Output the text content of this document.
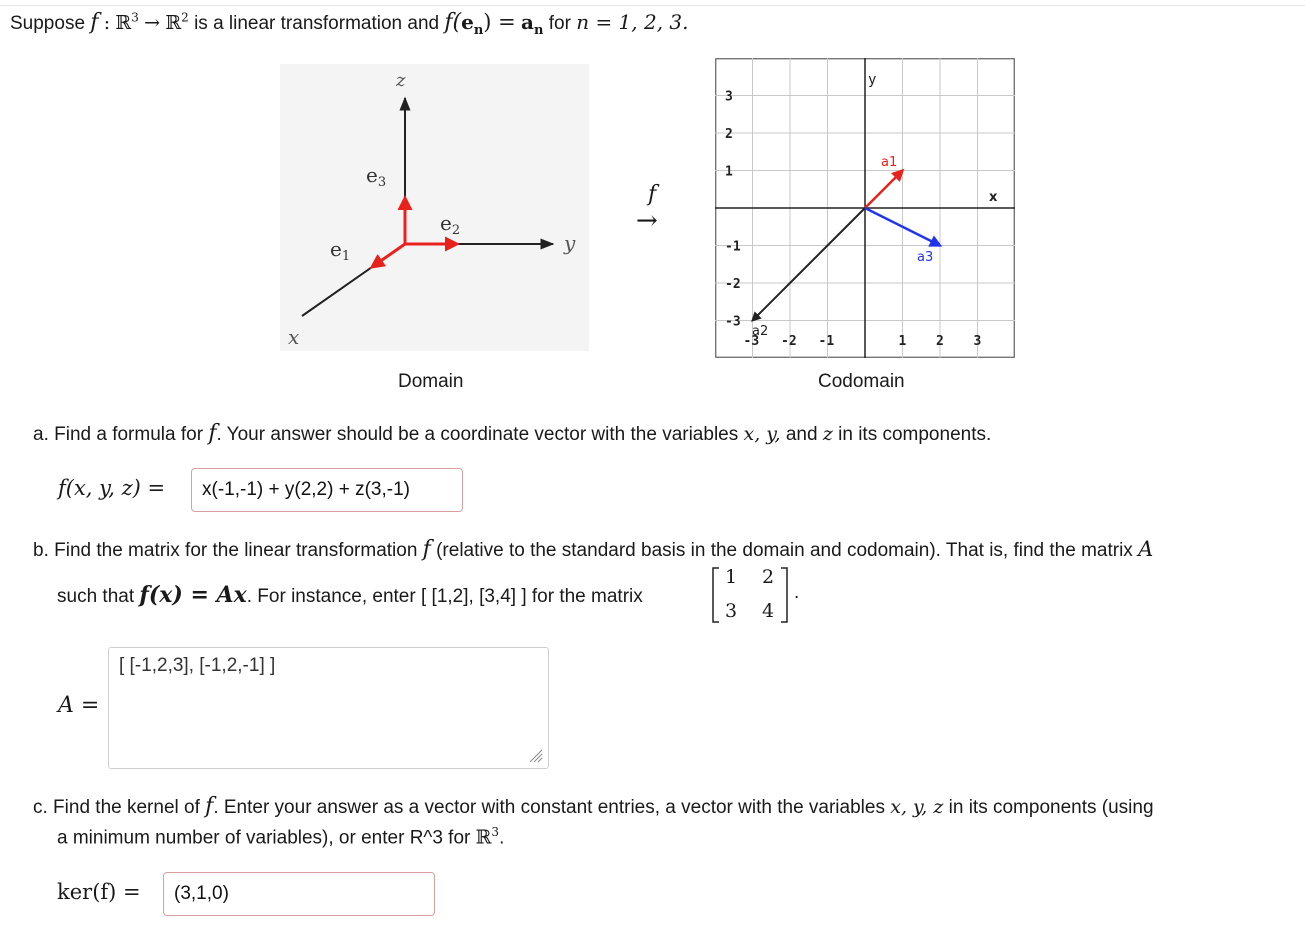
Suppose f : ℝ$^3$ → ℝ$^2$ is a linear transformation and $f(e_n) = a_n$ for n = 1, 2, 3.
z
y
x
$e_3$
$e_2$
$e_1$
f
→
3
2
1
-1
-2
-3
-3 -2 -1	1 2 3
y
x
a1
a2
a3
Domain	Codomain
a. Find a formula for f. Your answer should be a coordinate vector with the variables x, y, and z in its components.
f(x, y, z) =
x(-1,-1) + y(2,2) + z(3,-1)
b. Find the matrix for the linear transformation f (relative to the standard basis in the domain and codomain). That is, find the matrix A
such that f(x) = Ax. For instance, enter [ [1,2], [3,4] ] for the matrix
1 2
3 4
.
A =
[ [-1,2,3], [-1,2,-1] ]
c. Find the kernel of f. Enter your answer as a vector with constant entries, a vector with the variables x, y, z in its components (using
a minimum number of variables), or enter R^3 for ℝ$^3$.
ker(f) =
(3,1,0)
